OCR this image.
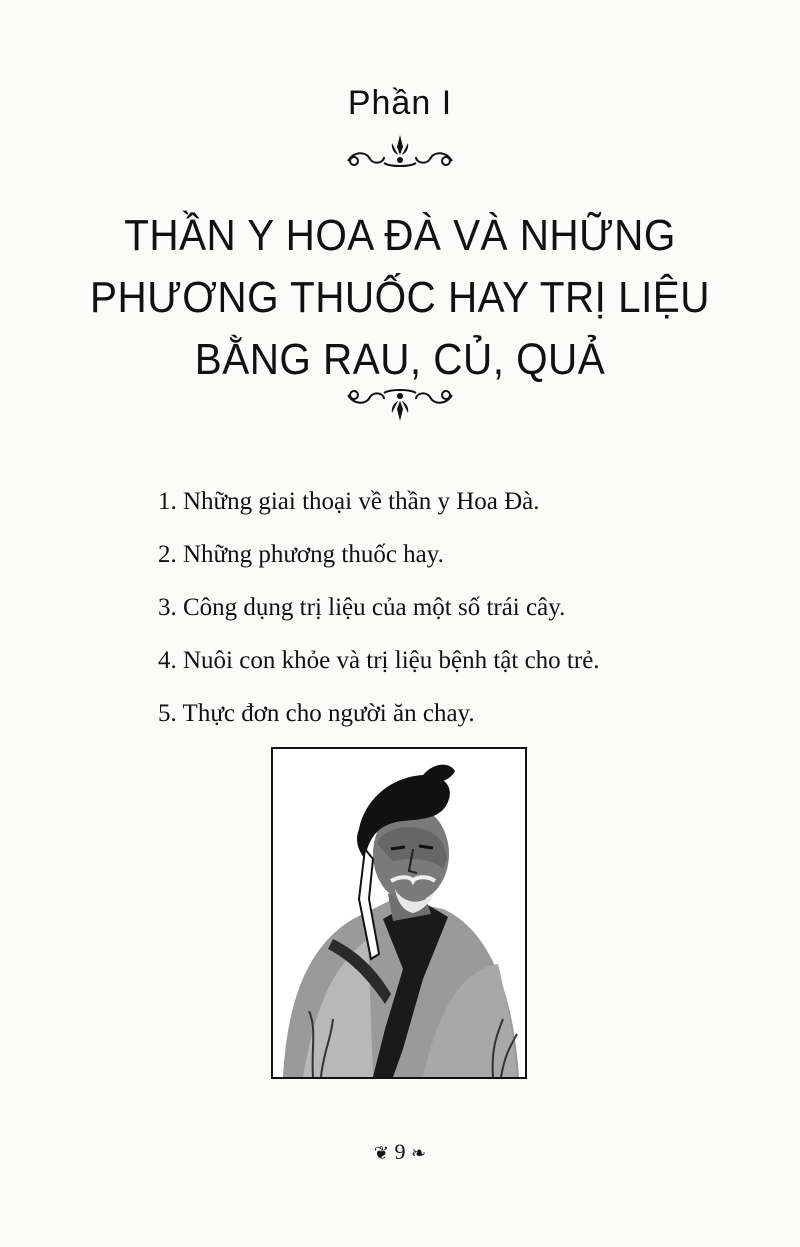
Phần I
THẦN Y HOA ĐÀ VÀ NHỮNG
PHƯƠNG THUỐC HAY TRỊ LIỆU
BẰNG RAU, CỦ, QUẢ
1. Những giai thoại về thần y Hoa Đà.
2. Những phương thuốc hay.
3. Công dụng trị liệu của một số trái cây.
4. Nuôi con khỏe và trị liệu bệnh tật cho trẻ.
5. Thực đơn cho người ăn chay.
❦ 9 ❧
